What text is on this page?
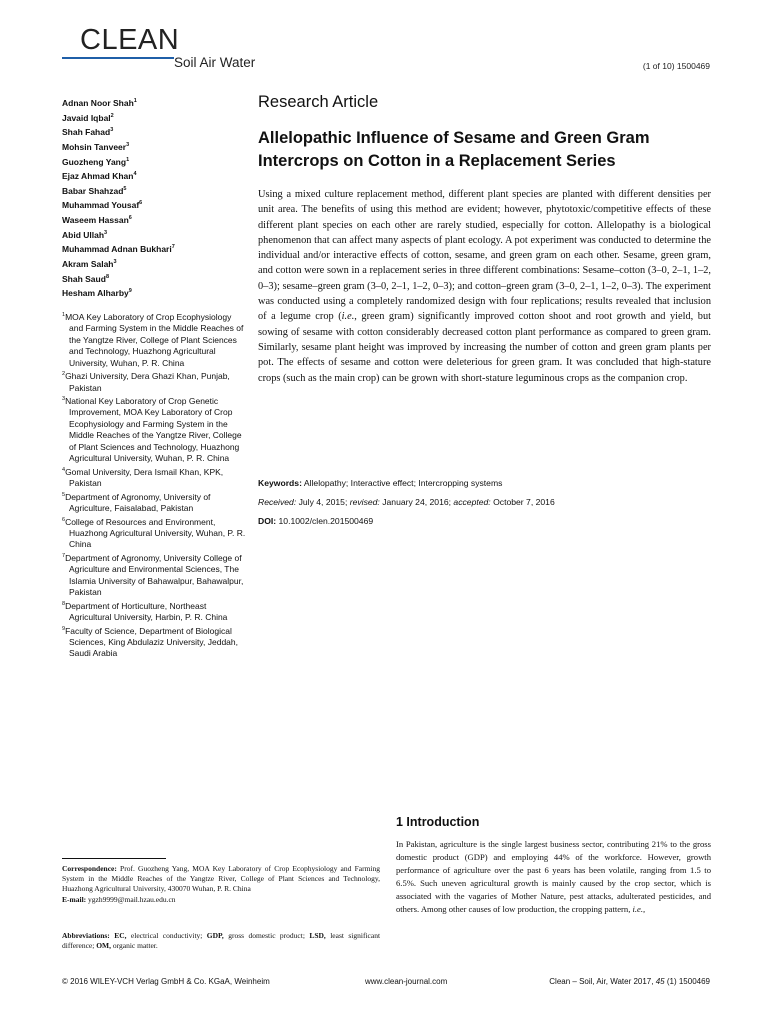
CLEAN
Soil Air Water	(1 of 10) 1500469
Adnan Noor Shah$^1$
Javaid Iqbal$^2$
Shah Fahad$^3$
Mohsin Tanveer$^3$
Guozheng Yang$^1$
Ejaz Ahmad Khan$^4$
Babar Shahzad$^5$
Muhammad Yousaf$^6$
Waseem Hassan$^6$
Abid Ullah$^3$
Muhammad Adnan Bukhari$^7$
Akram Salah$^3$
Shah Saud$^8$
Hesham Alharby$^9$
$^1$MOA Key Laboratory of Crop Ecophysiology and Farming System in the Middle Reaches of the Yangtze River, College of Plant Sciences and Technology, Huazhong Agricultural University, Wuhan, P. R. China
$^2$Ghazi University, Dera Ghazi Khan, Punjab, Pakistan
$^3$National Key Laboratory of Crop Genetic Improvement, MOA Key Laboratory of Crop Ecophysiology and Farming System in the Middle Reaches of the Yangtze River, College of Plant Sciences and Technology, Huazhong Agricultural University, Wuhan, P. R. China
$^4$Gomal University, Dera Ismail Khan, KPK, Pakistan
$^5$Department of Agronomy, University of Agriculture, Faisalabad, Pakistan
$^6$College of Resources and Environment, Huazhong Agricultural University, Wuhan, P. R. China
$^7$Department of Agronomy, University College of Agriculture and Environmental Sciences, The Islamia University of Bahawalpur, Bahawalpur, Pakistan
$^8$Department of Horticulture, Northeast Agricultural University, Harbin, P. R. China
$^9$Faculty of Science, Department of Biological Sciences, King Abdulaziz University, Jeddah, Saudi Arabia
Research Article
Allelopathic Influence of Sesame and Green Gram Intercrops on Cotton in a Replacement Series
Using a mixed culture replacement method, different plant species are planted with different densities per unit area. The benefits of using this method are evident; however, phytotoxic/competitive effects of these different plant species on each other are rarely studied, especially for cotton. Allelopathy is a biological phenomenon that can affect many aspects of plant ecology. A pot experiment was conducted to determine the individual and/or interactive effects of cotton, sesame, and green gram on each other. Sesame, green gram, and cotton were sown in a replacement series in three different combinations: Sesame–cotton (3–0, 2–1, 1–2, 0–3); sesame–green gram (3–0, 2–1, 1–2, 0–3); and cotton–green gram (3–0, 2–1, 1–2, 0–3). The experiment was conducted using a completely randomized design with four replications; results revealed that inclusion of a legume crop (i.e., green gram) significantly improved cotton shoot and root growth and yield, but sowing of sesame with cotton considerably decreased cotton plant performance as compared to green gram. Similarly, sesame plant height was improved by increasing the number of cotton and green gram plants per pot. The effects of sesame and cotton were deleterious for green gram. It was concluded that high-stature crops (such as the main crop) can be grown with short-stature leguminous crops as the companion crop.
Keywords: Allelopathy; Interactive effect; Intercropping systems
Received: July 4, 2015; revised: January 24, 2016; accepted: October 7, 2016
DOI: 10.1002/clen.201500469
1 Introduction
In Pakistan, agriculture is the single largest business sector, contributing 21% to the gross domestic product (GDP) and employing 44% of the workforce. However, growth performance of agriculture over the past 6 years has been volatile, ranging from 1.5 to 6.5%. Such uneven agricultural growth is mainly caused by the crop sector, which is associated with the vagaries of Mother Nature, pest attacks, adulterated pesticides, and others. Among other causes of low production, the cropping pattern, i.e.,
Correspondence: Prof. Guozheng Yang, MOA Key Laboratory of Crop Ecophysiology and Farming System in the Middle Reaches of the Yangtze River, College of Plant Sciences and Technology, Huazhong Agricultural University, 430070 Wuhan, P. R. China
E-mail: ygzh9999@mail.hzau.edu.cn
Abbreviations: EC, electrical conductivity; GDP, gross domestic product; LSD, least significant difference; OM, organic matter.
© 2016 WILEY-VCH Verlag GmbH & Co. KGaA, Weinheim	www.clean-journal.com	Clean – Soil, Air, Water 2017, 45 (1) 1500469
